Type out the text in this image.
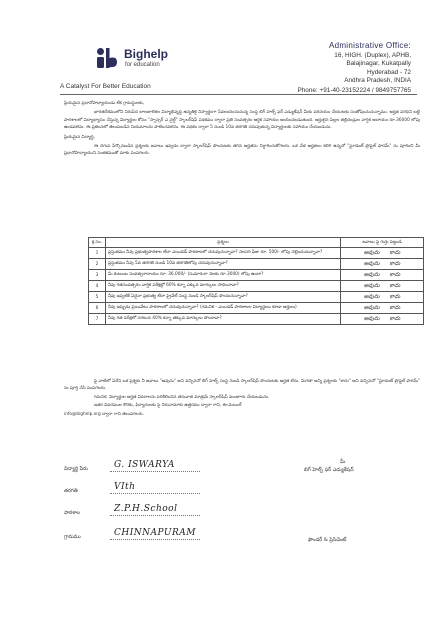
Bighelp
for education
A Catalyst For Better Education
Administrative Office:
16, HIGH. (Duplex), APHB,
Balajinagar, Kukatpally
Hyderabad - 72
Andhra Pradesh, INDIA
Phone: +91-40-23152224 / 9849757765

ప్రియమైన ప్రధానోపాధ్యాయుడు లేక గ్రామస్థులకు,

భారతదేశములోని నిరుపేద బాలబాలికల విద్యాభివృద్ధి ఉన్నతికై నిస్వార్థంగా సేవలందించుచున్న సంస్థ బిగ్ హెల్ప్ ఫర్ ఎడ్యుకేషన్ మీకు పరిచయం చేయుటకు సంతోషించుచున్నాము. అర్హత పరిధిని బట్టి పాఠశాలలో విద్యాభ్యాసం చేస్తున్న విద్యార్థుల కోసం "స్పాన్సర్ ఎ చైల్డ్" స్కాలర్‌షిప్ పథకము ద్వారా ప్రతి సంవత్సరం ఆర్థిక సహాయం అందించబడుతుంది. అర్హులైన పిల్లల తల్లిదండ్రుల వార్షిక ఆదాయం రూ.36000 లోపు ఉండవలెను. ఈ ప్రకటనలో తెలుపబడిన నియమాలను పాటించవలెను. ఈ పథకం ద్వారా 5 నుండి 10వ తరగతి చదువుతున్న విద్యార్థులకు సహాయం చేయబడును.

ప్రియమైన విద్యార్థి,

ఈ దిగువ పేర్కొనబడిన ప్రశ్నలకు జవాబు ఇవ్వడం ద్వారా స్కాలర్‌షిప్ పొందుటకు తగిన అర్హతను నిర్ధారించుకోగలరు. ఒక వేళ అర్హతలు కలిగి ఉన్నచో "స్టూడెంట్ ప్రొఫైల్ ఫారమ్" ను పూరించి మీ ప్రధానోపాధ్యాయుని సంతకముతో మాకు పంపగలరు.

క్ర.సం.	ప్రశ్నలు	జవాబు పై గుర్తు పెట్టండి
1	ప్రస్తుతము నీవు ప్రభుత్వపాఠశాల లేదా ఎయిడెడ్ పాఠశాలలో చదువుచున్నావా? నెలసరి ఫీజు రూ. 500/- లోపు చెల్లించుచున్నావా?	అవును కాదు
2	ప్రస్తుతము నీవు 5వ తరగతి నుండి 10వ తరగతిలోపు చదువుచున్నావా?	అవును కాదు
3	మీ కుటుంబ సంవత్సరాదాయం రూ. 36,000/- (సుమారుగా నెలకు రూ.3000) లోపు ఉందా?	అవును కాదు
4	నీవు గతసంవత్సరం వార్షిక పరీక్షల్లో 60% కన్నా ఎక్కువ మార్కులు సాధించావా?	అవును కాదు
5	నీవు ఇప్పటికే ఏదైనా ప్రభుత్వ లేదా ప్రైవేట్ సంస్థ నుండి స్కాలర్‌షిప్ పొందుచున్నావా?	అవును కాదు
6	నీవు ఇప్పుడు ప్రయివేటు పాఠశాలలో చదువుచున్నావా? (గమనిక - ఎయిడెడ్ పాఠశాలల విద్యార్థులు కూడా అర్హులు)	అవును కాదు
7	నీవు గత పరీక్షలో సగటున 40% కన్నా తక్కువ మార్కులు పొందావా?	అవును కాదు

పై వాటిలో ఏదేని ఒక ప్రశ్నకు నీ జవాబు "అవును" అని వచ్చినచో బిగ్ హెల్ప్ సంస్థ నుండి స్కాలర్‌షిప్ పొందుటకు అర్హత లేదు. మిగతా అన్ని ప్రశ్నలకు "కాదు" అని వచ్చినచో "స్టూడెంట్ ప్రొఫైల్ ఫారమ్" ను పూర్తి చేసి పంపగలరు.

గమనిక: విద్యార్థుల అర్హత వివరాలను పరిశీలించిన తరువాత మాత్రమే స్కాలర్‌షిప్ మంజూరు చేయబడును.

ఇతర వివరముల కొరకు, ఫిర్యాదులకు పై చిరునామాకు ఉత్తరము ద్వారా గాని, ఈ-మెయిల్

info@bighelp.org ద్వారా గాని తెలుపగలరు.

విద్యార్థి పేరు	G. ISWARYA
తరగతి	VIth
పాఠశాల	Z.P.H.School
గ్రామము	CHINNAPURAM
మీ
బిగ్ హెల్ప్ ఫర్ ఎడ్యుకేషన్
ఫౌండర్ & ప్రెసిడెంట్
